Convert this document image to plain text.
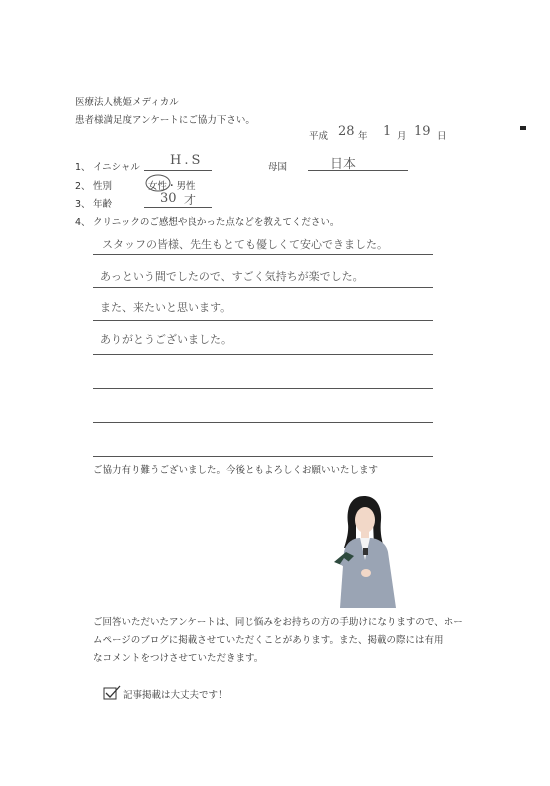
医療法人桃姫メディカル
患者様満足度アンケートにご協力下さい。
平成 28 年 1 月 19 日
1、 イニシャル H.S	母国	日本
2、 性別	女性・男性
3、 年齢	30 才
4、 クリニックのご感想や良かった点などを教えてください。
スタッフの皆様、先生もとても優しくて安心できました。
あっという間でしたので、すごく気持ちが楽でした。
また、来たいと思います。
ありがとうございました。
ご協力有り難うございました。今後ともよろしくお願いいたします
ご回答いただいたアンケートは、同じ悩みをお持ちの方の手助けになりますので、ホー
ムページのブログに掲載させていただくことがあります。また、掲載の際には有用
なコメントをつけさせていただきます。
記事掲載は大丈夫です！
